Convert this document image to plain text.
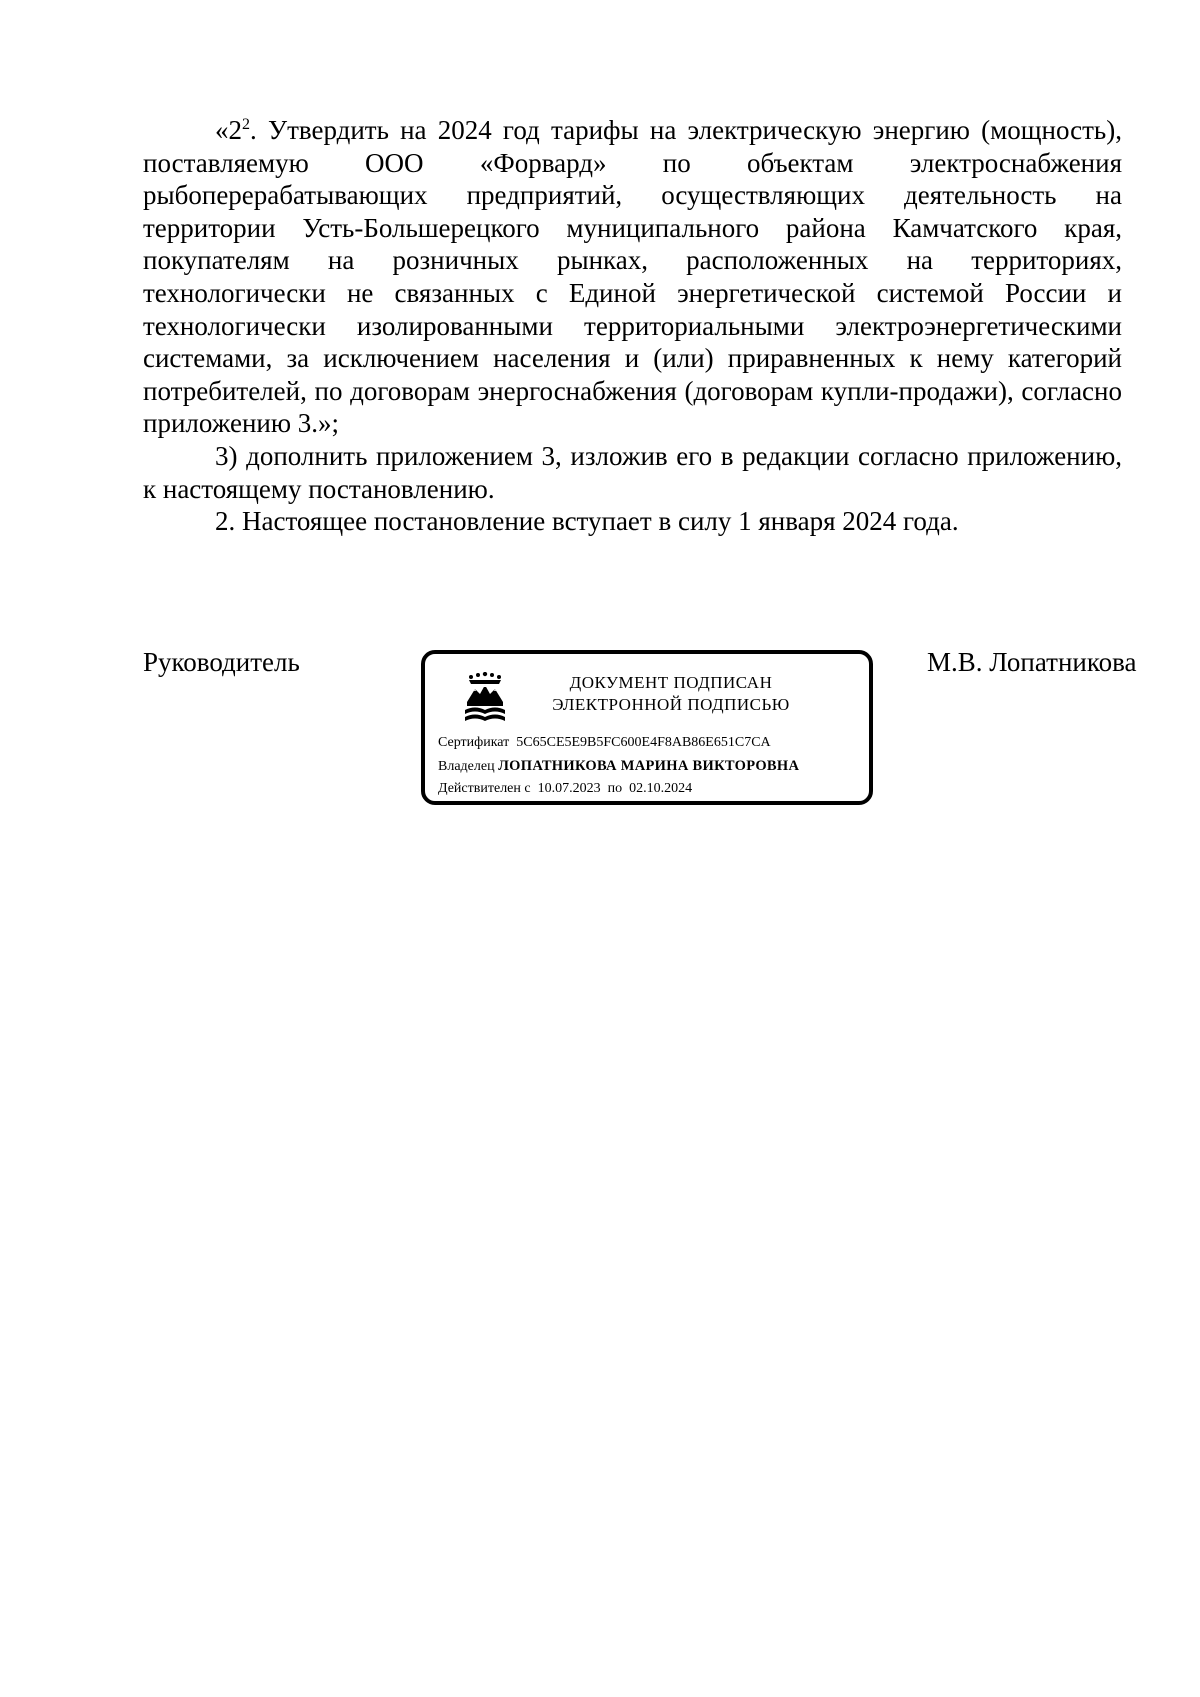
«$2^2$. Утвердить на 2024 год тарифы на электрическую энергию (мощность), поставляемую ООО «Форвард» по объектам электроснабжения рыбоперерабатывающих предприятий, осуществляющих деятельность на территории Усть-Большерецкого муниципального района Камчатского края, покупателям на розничных рынках, расположенных на территориях, технологически не связанных с Единой энергетической системой России и технологически изолированными территориальными электроэнергетическими системами, за исключением населения и (или) приравненных к нему категорий потребителей, по договорам энергоснабжения (договорам купли-продажи), согласно приложению 3.»;

3) дополнить приложением 3, изложив его в редакции согласно приложению, к настоящему постановлению.

2. Настоящее постановление вступает в силу 1 января 2024 года.

Руководитель
ДОКУМЕНТ ПОДПИСАН
ЭЛЕКТРОННОЙ ПОДПИСЬЮ
Сертификат 5C65CE5E9B5FC600E4F8AB86E651C7CA
Владелец ЛОПАТНИКОВА МАРИНА ВИКТОРОВНА
Действителен с 10.07.2023 по 02.10.2024
М.В. Лопатникова
